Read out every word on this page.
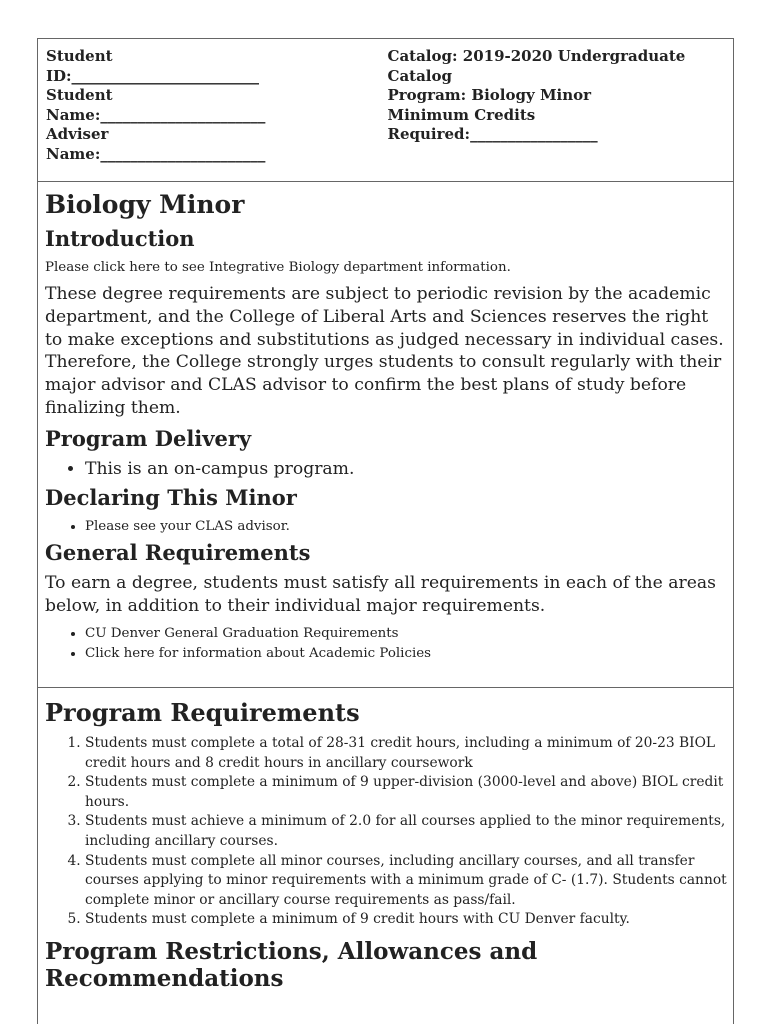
Student
ID:_________________________
Student
Name:______________________
Adviser
Name:______________________
Catalog: 2019-2020 Undergraduate
Catalog
Program: Biology Minor
Minimum Credits
Required:_________________
Biology Minor
Introduction

Please click here to see Integrative Biology department information.

These degree requirements are subject to periodic revision by the academic department, and the College of Liberal Arts and Sciences reserves the right to make exceptions and substitutions as judged necessary in individual cases. Therefore, the College strongly urges students to consult regularly with their major advisor and CLAS advisor to confirm the best plans of study before finalizing them.

Program Delivery
• This is an on-campus program.
Declaring This Minor
• Please see your CLAS advisor.
General Requirements

To earn a degree, students must satisfy all requirements in each of the areas below, in addition to their individual major requirements.

• CU Denver General Graduation Requirements
• Click here for information about Academic Policies
Program Requirements
1. Students must complete a total of 28-31 credit hours, including a minimum of 20-23 BIOL credit hours and 8 credit hours in ancillary coursework
2. Students must complete a minimum of 9 upper-division (3000-level and above) BIOL credit hours.
3. Students must achieve a minimum of 2.0 for all courses applied to the minor requirements, including ancillary courses.
4. Students must complete all minor courses, including ancillary courses, and all transfer courses applying to minor requirements with a minimum grade of C- (1.7). Students cannot complete minor or ancillary course requirements as pass/fail.
5. Students must complete a minimum of 9 credit hours with CU Denver faculty.
Program Restrictions, Allowances and Recommendations
